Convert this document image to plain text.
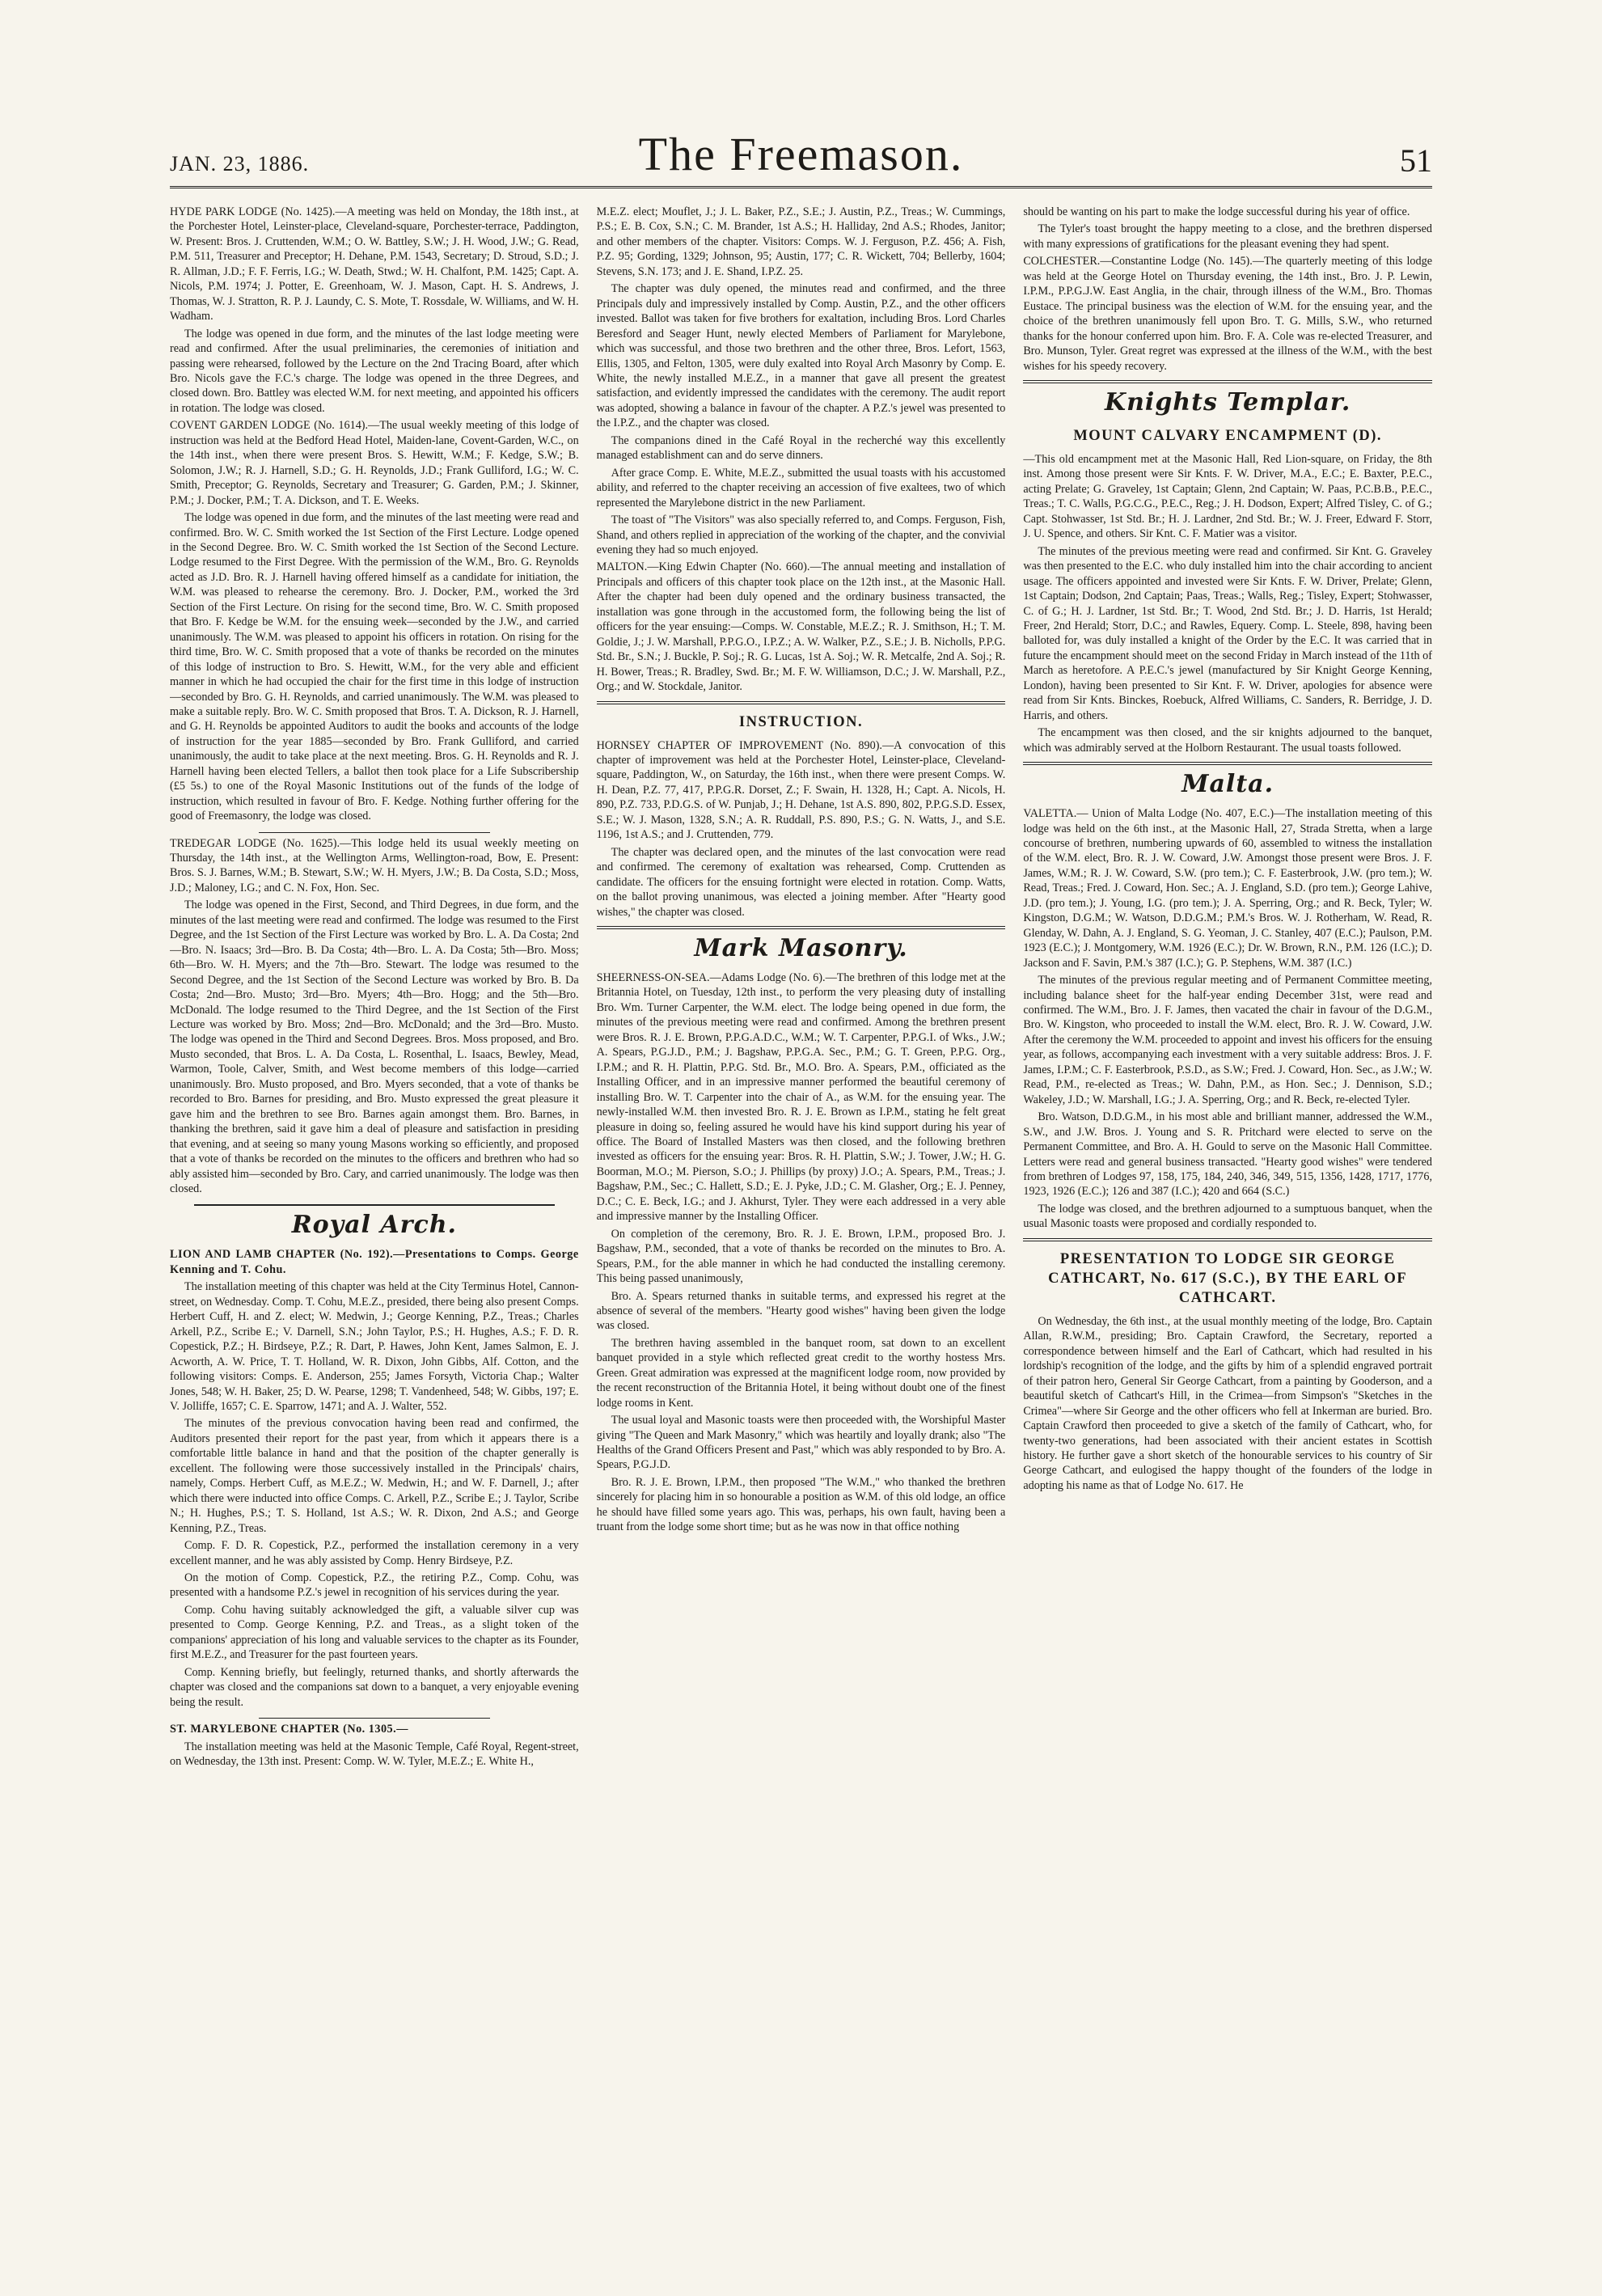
JAN. 23, 1886.	The Freemason.	51

HYDE PARK LODGE (No. 1425).—A meeting was held on Monday, the 18th inst., at the Porchester Hotel, Leinster-place, Cleveland-square, Porchester-terrace, Paddington, W. Present: Bros. J. Cruttenden, W.M.; O. W. Battley, S.W.; J. H. Wood, J.W.; G. Read, P.M. 511, Treasurer and Preceptor; H. Dehane, P.M. 1543, Secretary; D. Stroud, S.D.; J. R. Allman, J.D.; F. F. Ferris, I.G.; W. Death, Stwd.; W. H. Chalfont, P.M. 1425; Capt. A. Nicols, P.M. 1974; J. Potter, E. Greenhoam, W. J. Mason, Capt. H. S. Andrews, J. Thomas, W. J. Stratton, R. P. J. Laundy, C. S. Mote, T. Rossdale, W. Williams, and W. H. Wadham.

The lodge was opened in due form, and the minutes of the last lodge meeting were read and confirmed. After the usual preliminaries, the ceremonies of initiation and passing were rehearsed, followed by the Lecture on the 2nd Tracing Board, after which Bro. Nicols gave the F.C.'s charge. The lodge was opened in the three Degrees, and closed down. Bro. Battley was elected W.M. for next meeting, and appointed his officers in rotation. The lodge was closed.

COVENT GARDEN LODGE (No. 1614).—The usual weekly meeting of this lodge of instruction was held at the Bedford Head Hotel, Maiden-lane, Covent-Garden, W.C., on the 14th inst., when there were present Bros. S. Hewitt, W.M.; F. Kedge, S.W.; B. Solomon, J.W.; R. J. Harnell, S.D.; G. H. Reynolds, J.D.; Frank Gulliford, I.G.; W. C. Smith, Preceptor; G. Reynolds, Secretary and Treasurer; G. Garden, P.M.; J. Skinner, P.M.; J. Docker, P.M.; T. A. Dickson, and T. E. Weeks.

The lodge was opened in due form, and the minutes of the last meeting were read and confirmed. Bro. W. C. Smith worked the 1st Section of the First Lecture. Lodge opened in the Second Degree. Bro. W. C. Smith worked the 1st Section of the Second Lecture. Lodge resumed to the First Degree. With the permission of the W.M., Bro. G. Reynolds acted as J.D. Bro. R. J. Harnell having offered himself as a candidate for initiation, the W.M. was pleased to rehearse the ceremony. Bro. J. Docker, P.M., worked the 3rd Section of the First Lecture. On rising for the second time, Bro. W. C. Smith proposed that Bro. F. Kedge be W.M. for the ensuing week—seconded by the J.W., and carried unanimously. The W.M. was pleased to appoint his officers in rotation. On rising for the third time, Bro. W. C. Smith proposed that a vote of thanks be recorded on the minutes of this lodge of instruction to Bro. S. Hewitt, W.M., for the very able and efficient manner in which he had occupied the chair for the first time in this lodge of instruction—seconded by Bro. G. H. Reynolds, and carried unanimously. The W.M. was pleased to make a suitable reply. Bro. W. C. Smith proposed that Bros. T. A. Dickson, R. J. Harnell, and G. H. Reynolds be appointed Auditors to audit the books and accounts of the lodge of instruction for the year 1885—seconded by Bro. Frank Gulliford, and carried unanimously, the audit to take place at the next meeting. Bros. G. H. Reynolds and R. J. Harnell having been elected Tellers, a ballot then took place for a Life Subscribership (£5 5s.) to one of the Royal Masonic Institutions out of the funds of the lodge of instruction, which resulted in favour of Bro. F. Kedge. Nothing further offering for the good of Freemasonry, the lodge was closed.

TREDEGAR LODGE (No. 1625).—This lodge held its usual weekly meeting on Thursday, the 14th inst., at the Wellington Arms, Wellington-road, Bow, E. Present: Bros. S. J. Barnes, W.M.; B. Stewart, S.W.; W. H. Myers, J.W.; B. Da Costa, S.D.; Moss, J.D.; Maloney, I.G.; and C. N. Fox, Hon. Sec.

The lodge was opened in the First, Second, and Third Degrees, in due form, and the minutes of the last meeting were read and confirmed. The lodge was resumed to the First Degree, and the 1st Section of the First Lecture was worked by Bro. L. A. Da Costa; 2nd—Bro. N. Isaacs; 3rd—Bro. B. Da Costa; 4th—Bro. L. A. Da Costa; 5th—Bro. Moss; 6th—Bro. W. H. Myers; and the 7th—Bro. Stewart. The lodge was resumed to the Second Degree, and the 1st Section of the Second Lecture was worked by Bro. B. Da Costa; 2nd—Bro. Musto; 3rd—Bro. Myers; 4th—Bro. Hogg; and the 5th—Bro. McDonald. The lodge resumed to the Third Degree, and the 1st Section of the First Lecture was worked by Bro. Moss; 2nd—Bro. McDonald; and the 3rd—Bro. Musto. The lodge was opened in the Third and Second Degrees. Bros. Moss proposed, and Bro. Musto seconded, that Bros. L. A. Da Costa, L. Rosenthal, L. Isaacs, Bewley, Mead, Warmon, Toole, Calver, Smith, and West become members of this lodge—carried unanimously. Bro. Musto proposed, and Bro. Myers seconded, that a vote of thanks be recorded to Bro. Barnes for presiding, and Bro. Musto expressed the great pleasure it gave him and the brethren to see Bro. Barnes again amongst them. Bro. Barnes, in thanking the brethren, said it gave him a deal of pleasure and satisfaction in presiding that evening, and at seeing so many young Masons working so efficiently, and proposed that a vote of thanks be recorded on the minutes to the officers and brethren who had so ably assisted him—seconded by Bro. Cary, and carried unanimously. The lodge was then closed.

Royal Arch.

LION AND LAMB CHAPTER (No. 192).—Presentations to Comps. George Kenning and T. Cohu.

The installation meeting of this chapter was held at the City Terminus Hotel, Cannon-street, on Wednesday. Comp. T. Cohu, M.E.Z., presided, there being also present Comps. Herbert Cuff, H. and Z. elect; W. Medwin, J.; George Kenning, P.Z., Treas.; Charles Arkell, P.Z., Scribe E.; V. Darnell, S.N.; John Taylor, P.S.; H. Hughes, A.S.; F. D. R. Copestick, P.Z.; H. Birdseye, P.Z.; R. Dart, P. Hawes, John Kent, James Salmon, E. J. Acworth, A. W. Price, T. T. Holland, W. R. Dixon, John Gibbs, Alf. Cotton, and the following visitors: Comps. E. Anderson, 255; James Forsyth, Victoria Chap.; Walter Jones, 548; W. H. Baker, 25; D. W. Pearse, 1298; T. Vandenheed, 548; W. Gibbs, 197; E. V. Jolliffe, 1657; C. E. Sparrow, 1471; and A. J. Walter, 552.

The minutes of the previous convocation having been read and confirmed, the Auditors presented their report for the past year, from which it appears there is a comfortable little balance in hand and that the position of the chapter generally is excellent. The following were those successively installed in the Principals' chairs, namely, Comps. Herbert Cuff, as M.E.Z.; W. Medwin, H.; and W. F. Darnell, J.; after which there were inducted into office Comps. C. Arkell, P.Z., Scribe E.; J. Taylor, Scribe N.; H. Hughes, P.S.; T. S. Holland, 1st A.S.; W. R. Dixon, 2nd A.S.; and George Kenning, P.Z., Treas.

Comp. F. D. R. Copestick, P.Z., performed the installation ceremony in a very excellent manner, and he was ably assisted by Comp. Henry Birdseye, P.Z.

On the motion of Comp. Copestick, P.Z., the retiring P.Z., Comp. Cohu, was presented with a handsome P.Z.'s jewel in recognition of his services during the year.

Comp. Cohu having suitably acknowledged the gift, a valuable silver cup was presented to Comp. George Kenning, P.Z. and Treas., as a slight token of the companions' appreciation of his long and valuable services to the chapter as its Founder, first M.E.Z., and Treasurer for the past fourteen years.

Comp. Kenning briefly, but feelingly, returned thanks, and shortly afterwards the chapter was closed and the companions sat down to a banquet, a very enjoyable evening being the result.

ST. MARYLEBONE CHAPTER (No. 1305.—

The installation meeting was held at the Masonic Temple, Café Royal, Regent-street, on Wednesday, the 13th inst. Present: Comp. W. W. Tyler, M.E.Z.; E. White H.,

M.E.Z. elect; Mouflet, J.; J. L. Baker, P.Z., S.E.; J. Austin, P.Z., Treas.; W. Cummings, P.S.; E. B. Cox, S.N.; C. M. Brander, 1st A.S.; H. Halliday, 2nd A.S.; Rhodes, Janitor; and other members of the chapter. Visitors: Comps. W. J. Ferguson, P.Z. 456; A. Fish, P.Z. 95; Gording, 1329; Johnson, 95; Austin, 177; C. R. Wickett, 704; Bellerby, 1604; Stevens, S.N. 173; and J. E. Shand, I.P.Z. 25.

The chapter was duly opened, the minutes read and confirmed, and the three Principals duly and impressively installed by Comp. Austin, P.Z., and the other officers invested. Ballot was taken for five brothers for exaltation, including Bros. Lord Charles Beresford and Seager Hunt, newly elected Members of Parliament for Marylebone, which was successful, and those two brethren and the other three, Bros. Lefort, 1563, Ellis, 1305, and Felton, 1305, were duly exalted into Royal Arch Masonry by Comp. E. White, the newly installed M.E.Z., in a manner that gave all present the greatest satisfaction, and evidently impressed the candidates with the ceremony. The audit report was adopted, showing a balance in favour of the chapter. A P.Z.'s jewel was presented to the I.P.Z., and the chapter was closed.

The companions dined in the Café Royal in the recherché way this excellently managed establishment can and do serve dinners.

After grace Comp. E. White, M.E.Z., submitted the usual toasts with his accustomed ability, and referred to the chapter receiving an accession of five exaltees, two of which represented the Marylebone district in the new Parliament.

The toast of "The Visitors" was also specially referred to, and Comps. Ferguson, Fish, Shand, and others replied in appreciation of the working of the chapter, and the convivial evening they had so much enjoyed.

MALTON.—King Edwin Chapter (No. 660).—The annual meeting and installation of Principals and officers of this chapter took place on the 12th inst., at the Masonic Hall. After the chapter had been duly opened and the ordinary business transacted, the installation was gone through in the accustomed form, the following being the list of officers for the year ensuing:—Comps. W. Constable, M.E.Z.; R. J. Smithson, H.; T. M. Goldie, J.; J. W. Marshall, P.P.G.O., I.P.Z.; A. W. Walker, P.Z., S.E.; J. B. Nicholls, P.P.G. Std. Br., S.N.; J. Buckle, P. Soj.; R. G. Lucas, 1st A. Soj.; W. R. Metcalfe, 2nd A. Soj.; R. H. Bower, Treas.; R. Bradley, Swd. Br.; M. F. W. Williamson, D.C.; J. W. Marshall, P.Z., Org.; and W. Stockdale, Janitor.

INSTRUCTION.

HORNSEY CHAPTER OF IMPROVEMENT (No. 890).—A convocation of this chapter of improvement was held at the Porchester Hotel, Leinster-place, Cleveland-square, Paddington, W., on Saturday, the 16th inst., when there were present Comps. W. H. Dean, P.Z. 77, 417, P.P.G.R. Dorset, Z.; F. Swain, H. 1328, H.; Capt. A. Nicols, H. 890, P.Z. 733, P.D.G.S. of W. Punjab, J.; H. Dehane, 1st A.S. 890, 802, P.P.G.S.D. Essex, S.E.; W. J. Mason, 1328, S.N.; A. R. Ruddall, P.S. 890, P.S.; G. N. Watts, J., and S.E. 1196, 1st A.S.; and J. Cruttenden, 779.

The chapter was declared open, and the minutes of the last convocation were read and confirmed. The ceremony of exaltation was rehearsed, Comp. Cruttenden as candidate. The officers for the ensuing fortnight were elected in rotation. Comp. Watts, on the ballot proving unanimous, was elected a joining member. After "Hearty good wishes," the chapter was closed.

Mark Masonry.

SHEERNESS-ON-SEA.—Adams Lodge (No. 6).—The brethren of this lodge met at the Britannia Hotel, on Tuesday, 12th inst., to perform the very pleasing duty of installing Bro. Wm. Turner Carpenter, the W.M. elect. The lodge being opened in due form, the minutes of the previous meeting were read and confirmed. Among the brethren present were Bros. R. J. E. Brown, P.P.G.A.D.C., W.M.; W. T. Carpenter, P.P.G.I. of Wks., J.W.; A. Spears, P.G.J.D., P.M.; J. Bagshaw, P.P.G.A. Sec., P.M.; G. T. Green, P.P.G. Org., I.P.M.; and R. H. Plattin, P.P.G. Std. Br., M.O. Bro. A. Spears, P.M., officiated as the Installing Officer, and in an impressive manner performed the beautiful ceremony of installing Bro. W. T. Carpenter into the chair of A., as W.M. for the ensuing year. The newly-installed W.M. then invested Bro. R. J. E. Brown as I.P.M., stating he felt great pleasure in doing so, feeling assured he would have his kind support during his year of office. The Board of Installed Masters was then closed, and the following brethren invested as officers for the ensuing year: Bros. R. H. Plattin, S.W.; J. Tower, J.W.; H. G. Boorman, M.O.; M. Pierson, S.O.; J. Phillips (by proxy) J.O.; A. Spears, P.M., Treas.; J. Bagshaw, P.M., Sec.; C. Hallett, S.D.; E. J. Pyke, J.D.; C. M. Glasher, Org.; E. J. Penney, D.C.; C. E. Beck, I.G.; and J. Akhurst, Tyler. They were each addressed in a very able and impressive manner by the Installing Officer.

On completion of the ceremony, Bro. R. J. E. Brown, I.P.M., proposed Bro. J. Bagshaw, P.M., seconded, that a vote of thanks be recorded on the minutes to Bro. A. Spears, P.M., for the able manner in which he had conducted the installing ceremony. This being passed unanimously,

Bro. A. Spears returned thanks in suitable terms, and expressed his regret at the absence of several of the members. "Hearty good wishes" having been given the lodge was closed.

The brethren having assembled in the banquet room, sat down to an excellent banquet provided in a style which reflected great credit to the worthy hostess Mrs. Green. Great admiration was expressed at the magnificent lodge room, now provided by the recent reconstruction of the Britannia Hotel, it being without doubt one of the finest lodge rooms in Kent.

The usual loyal and Masonic toasts were then proceeded with, the Worshipful Master giving "The Queen and Mark Masonry," which was heartily and loyally drank; also "The Healths of the Grand Officers Present and Past," which was ably responded to by Bro. A. Spears, P.G.J.D.

Bro. R. J. E. Brown, I.P.M., then proposed "The W.M.," who thanked the brethren sincerely for placing him in so honourable a position as W.M. of this old lodge, an office he should have filled some years ago. This was, perhaps, his own fault, having been a truant from the lodge some short time; but as he was now in that office nothing

should be wanting on his part to make the lodge successful during his year of office.

The Tyler's toast brought the happy meeting to a close, and the brethren dispersed with many expressions of gratifications for the pleasant evening they had spent.

COLCHESTER.—Constantine Lodge (No. 145).—The quarterly meeting of this lodge was held at the George Hotel on Thursday evening, the 14th inst., Bro. J. P. Lewin, I.P.M., P.P.G.J.W. East Anglia, in the chair, through illness of the W.M., Bro. Thomas Eustace. The principal business was the election of W.M. for the ensuing year, and the choice of the brethren unanimously fell upon Bro. T. G. Mills, S.W., who returned thanks for the honour conferred upon him. Bro. F. A. Cole was re-elected Treasurer, and Bro. Munson, Tyler. Great regret was expressed at the illness of the W.M., with the best wishes for his speedy recovery.

Knights Templar.
MOUNT CALVARY ENCAMPMENT (D).

—This old encampment met at the Masonic Hall, Red Lion-square, on Friday, the 8th inst. Among those present were Sir Knts. F. W. Driver, M.A., E.C.; E. Baxter, P.E.C., acting Prelate; G. Graveley, 1st Captain; Glenn, 2nd Captain; W. Paas, P.C.B.B., P.E.C., Treas.; T. C. Walls, P.G.C.G., P.E.C., Reg.; J. H. Dodson, Expert; Alfred Tisley, C. of G.; Capt. Stohwasser, 1st Std. Br.; H. J. Lardner, 2nd Std. Br.; W. J. Freer, Edward F. Storr, J. U. Spence, and others. Sir Knt. C. F. Matier was a visitor.

The minutes of the previous meeting were read and confirmed. Sir Knt. G. Graveley was then presented to the E.C. who duly installed him into the chair according to ancient usage. The officers appointed and invested were Sir Knts. F. W. Driver, Prelate; Glenn, 1st Captain; Dodson, 2nd Captain; Paas, Treas.; Walls, Reg.; Tisley, Expert; Stohwasser, C. of G.; H. J. Lardner, 1st Std. Br.; T. Wood, 2nd Std. Br.; J. D. Harris, 1st Herald; Freer, 2nd Herald; Storr, D.C.; and Rawles, Equery. Comp. L. Steele, 898, having been balloted for, was duly installed a knight of the Order by the E.C. It was carried that in future the encampment should meet on the second Friday in March instead of the 11th of March as heretofore. A P.E.C.'s jewel (manufactured by Sir Knight George Kenning, London), having been presented to Sir Knt. F. W. Driver, apologies for absence were read from Sir Knts. Binckes, Roebuck, Alfred Williams, C. Sanders, R. Berridge, J. D. Harris, and others.

The encampment was then closed, and the sir knights adjourned to the banquet, which was admirably served at the Holborn Restaurant. The usual toasts followed.

Malta.

VALETTA.— Union of Malta Lodge (No. 407, E.C.)—The installation meeting of this lodge was held on the 6th inst., at the Masonic Hall, 27, Strada Stretta, when a large concourse of brethren, numbering upwards of 60, assembled to witness the installation of the W.M. elect, Bro. R. J. W. Coward, J.W. Amongst those present were Bros. J. F. James, W.M.; R. J. W. Coward, S.W. (pro tem.); C. F. Easterbrook, J.W. (pro tem.); W. Read, Treas.; Fred. J. Coward, Hon. Sec.; A. J. England, S.D. (pro tem.); George Lahive, J.D. (pro tem.); J. Young, I.G. (pro tem.); J. A. Sperring, Org.; and R. Beck, Tyler; W. Kingston, D.G.M.; W. Watson, D.D.G.M.; P.M.'s Bros. W. J. Rotherham, W. Read, R. Glenday, W. Dahn, A. J. England, S. G. Yeoman, J. C. Stanley, 407 (E.C.); Paulson, P.M. 1923 (E.C.); J. Montgomery, W.M. 1926 (E.C.); Dr. W. Brown, R.N., P.M. 126 (I.C.); D. Jackson and F. Savin, P.M.'s 387 (I.C.); G. P. Stephens, W.M. 387 (I.C.)

The minutes of the previous regular meeting and of Permanent Committee meeting, including balance sheet for the half-year ending December 31st, were read and confirmed. The W.M., Bro. J. F. James, then vacated the chair in favour of the D.G.M., Bro. W. Kingston, who proceeded to install the W.M. elect, Bro. R. J. W. Coward, J.W. After the ceremony the W.M. proceeded to appoint and invest his officers for the ensuing year, as follows, accompanying each investment with a very suitable address: Bros. J. F. James, I.P.M.; C. F. Easterbrook, P.S.D., as S.W.; Fred. J. Coward, Hon. Sec., as J.W.; W. Read, P.M., re-elected as Treas.; W. Dahn, P.M., as Hon. Sec.; J. Dennison, S.D.; Wakeley, J.D.; W. Marshall, I.G.; J. A. Sperring, Org.; and R. Beck, re-elected Tyler.

Bro. Watson, D.D.G.M., in his most able and brilliant manner, addressed the W.M., S.W., and J.W. Bros. J. Young and S. R. Pritchard were elected to serve on the Permanent Committee, and Bro. A. H. Gould to serve on the Masonic Hall Committee. Letters were read and general business transacted. "Hearty good wishes" were tendered from brethren of Lodges 97, 158, 175, 184, 240, 346, 349, 515, 1356, 1428, 1717, 1776, 1923, 1926 (E.C.); 126 and 387 (I.C.); 420 and 664 (S.C.)

The lodge was closed, and the brethren adjourned to a sumptuous banquet, when the usual Masonic toasts were proposed and cordially responded to.

PRESENTATION TO LODGE SIR GEORGE CATHCART, No. 617 (S.C.), BY THE EARL OF CATHCART.

On Wednesday, the 6th inst., at the usual monthly meeting of the lodge, Bro. Captain Allan, R.W.M., presiding; Bro. Captain Crawford, the Secretary, reported a correspondence between himself and the Earl of Cathcart, which had resulted in his lordship's recognition of the lodge, and the gifts by him of a splendid engraved portrait of their patron hero, General Sir George Cathcart, from a painting by Gooderson, and a beautiful sketch of Cathcart's Hill, in the Crimea—from Simpson's "Sketches in the Crimea"—where Sir George and the other officers who fell at Inkerman are buried. Bro. Captain Crawford then proceeded to give a sketch of the family of Cathcart, who, for twenty-two generations, had been associated with their ancient estates in Scottish history. He further gave a short sketch of the honourable services to his country of Sir George Cathcart, and eulogised the happy thought of the founders of the lodge in adopting his name as that of Lodge No. 617. He
